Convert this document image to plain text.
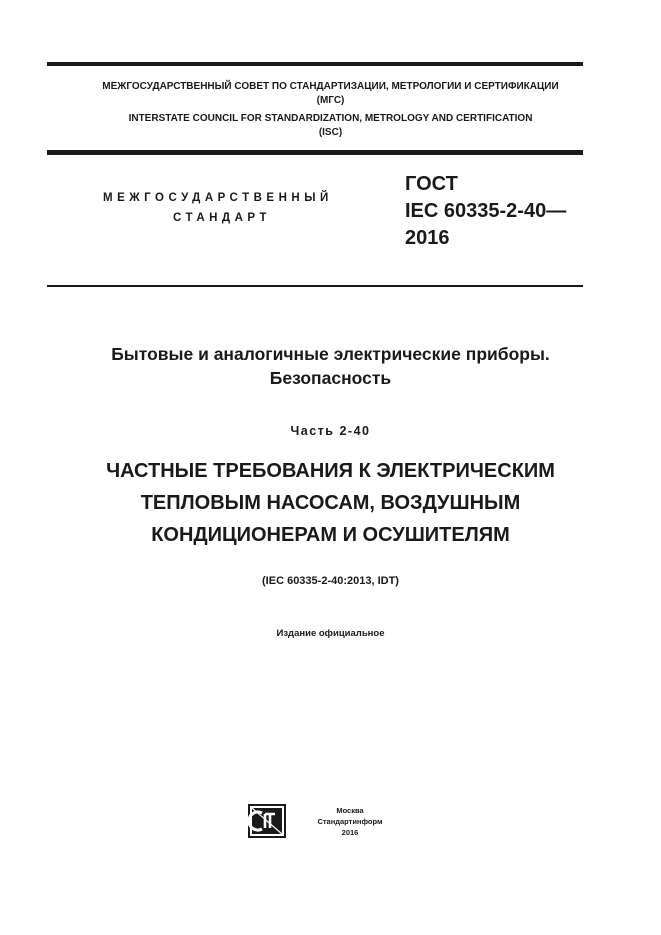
МЕЖГОСУДАРСТВЕННЫЙ СОВЕТ ПО СТАНДАРТИЗАЦИИ, МЕТРОЛОГИИ И СЕРТИФИКАЦИИ
(МГС)
INTERSTATE COUNCIL FOR STANDARDIZATION, METROLOGY AND CERTIFICATION
(ISC)
МЕЖГОСУДАРСТВЕННЫЙ
СТАНДАРТ
ГОСТ
IEC 60335-2-40—
2016
Бытовые и аналогичные электрические приборы.
Безопасность
Часть 2-40
ЧАСТНЫЕ ТРЕБОВАНИЯ К ЭЛЕКТРИЧЕСКИМ
ТЕПЛОВЫМ НАСОСАМ, ВОЗДУШНЫМ
КОНДИЦИОНЕРАМ И ОСУШИТЕЛЯМ
(IEC 60335-2-40:2013, IDT)
Издание официальное
Москва
Стандартинформ
2016
